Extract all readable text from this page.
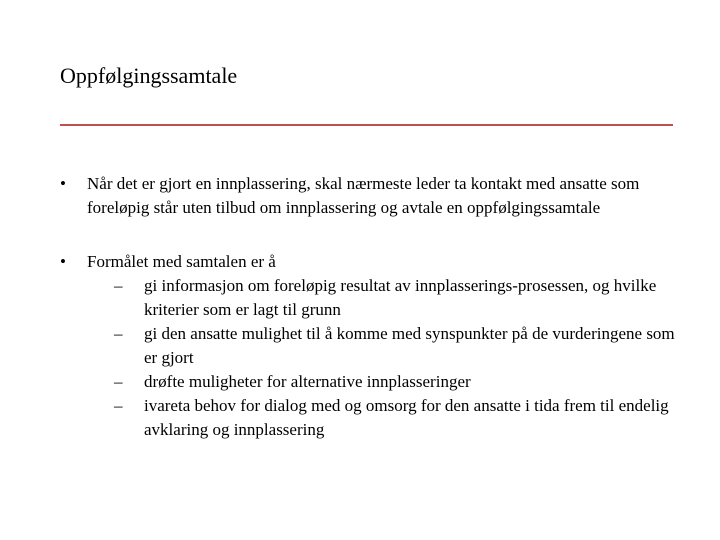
Oppfølgingssamtale
•	Når det er gjort en innplassering, skal nærmeste leder ta kontakt med ansatte som foreløpig står uten tilbud om innplassering og avtale en oppfølgingssamtale
•	Formålet med samtalen er å
– gi informasjon om foreløpig resultat av innplasserings-prosessen, og hvilke kriterier som er lagt til grunn
– gi den ansatte mulighet til å komme med synspunkter på de vurderingene som er gjort
– drøfte muligheter for alternative innplasseringer
– ivareta behov for dialog med og omsorg for den ansatte i tida frem til endelig avklaring og innplassering
